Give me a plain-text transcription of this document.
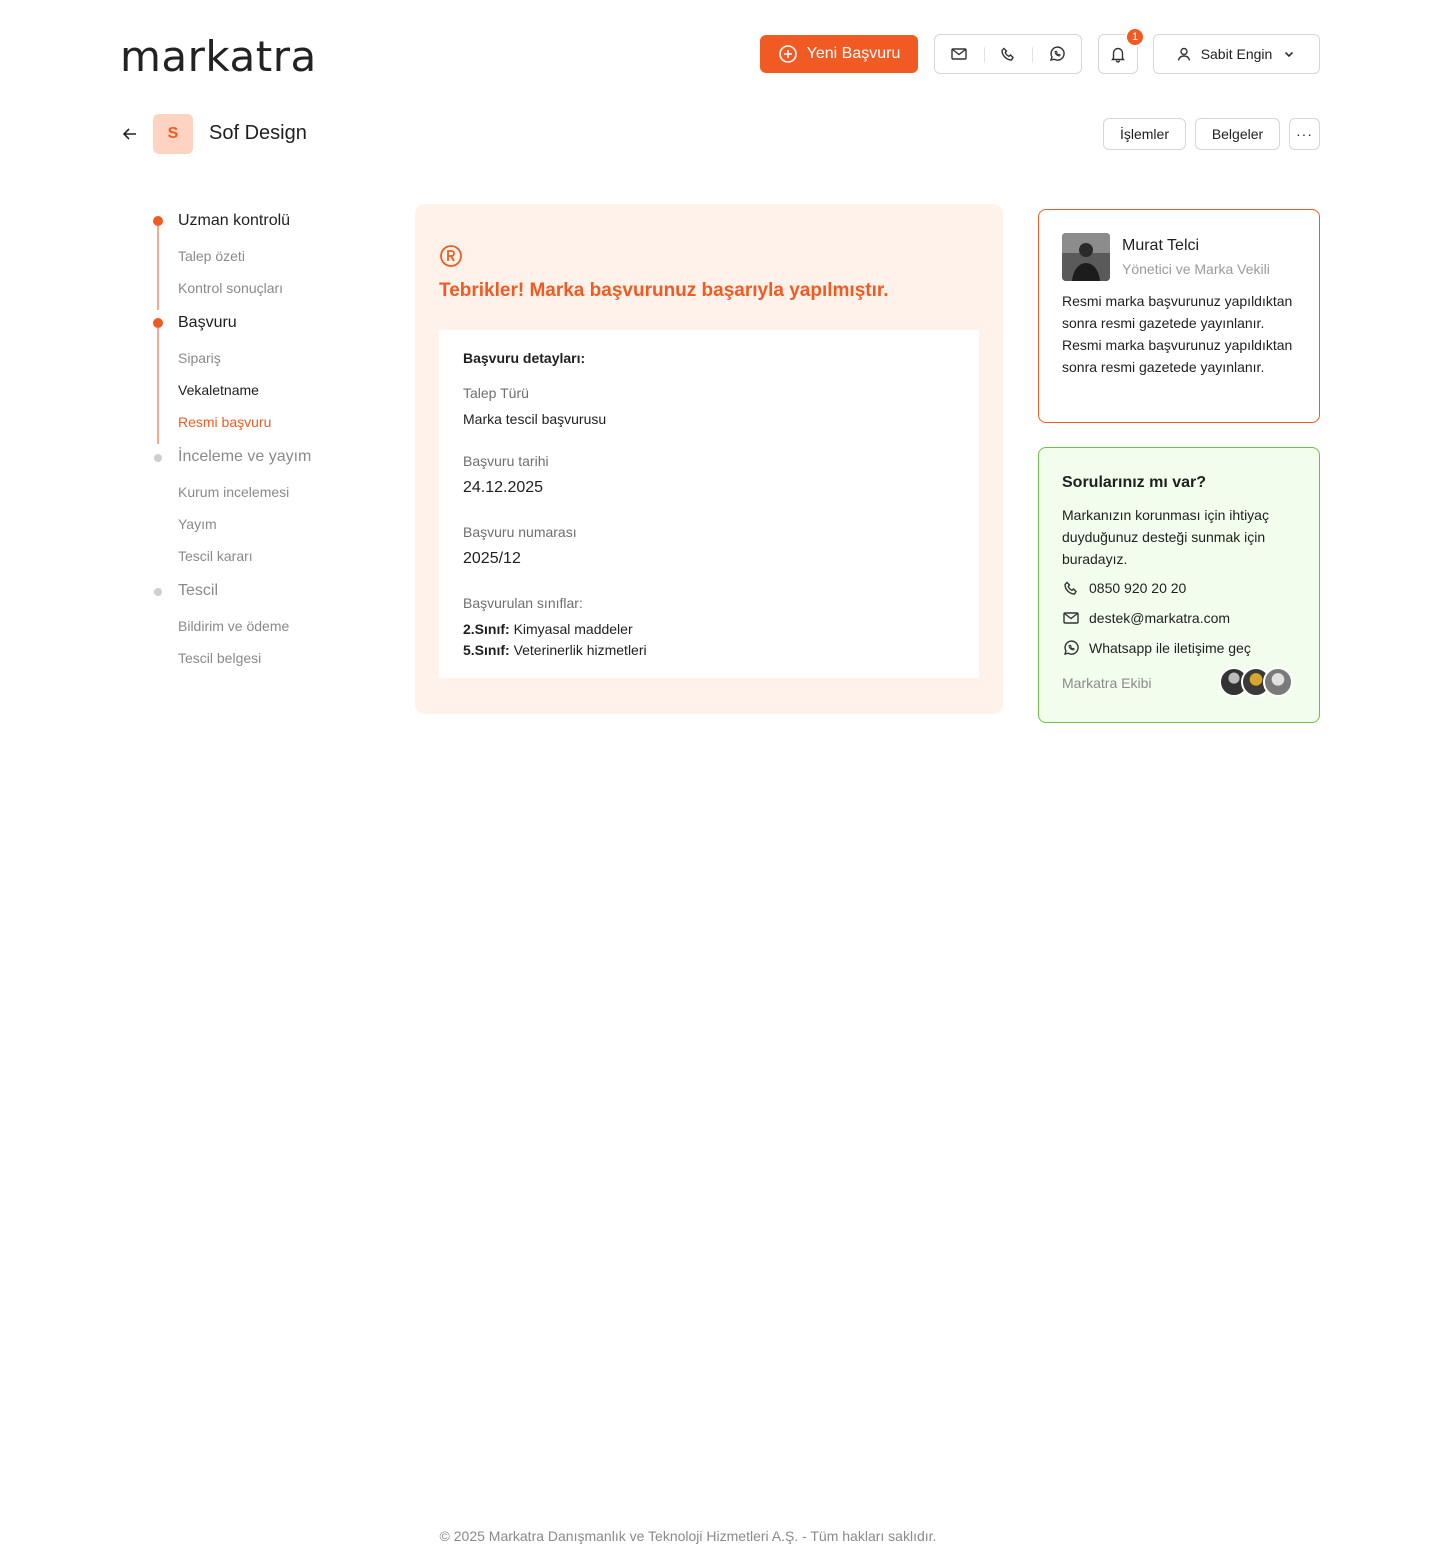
markatra	Yeni Başvuru
1
Sabit Engin
S	Sof Design	İşlemler	Belgeler	···
Uzman kontrolü
Talep özeti
Kontrol sonuçları
Başvuru
Sipariş
Vekaletname
Resmi başvuru
İnceleme ve yayım
Kurum incelemesi
Yayım
Tescil kararı
Tescil
Bildirim ve ödeme
Tescil belgesi
Tebrikler! Marka başvurunuz başarıyla yapılmıştır.
Başvuru detayları:
Talep Türü
Marka tescil başvurusu
Başvuru tarihi
24.12.2025
Başvuru numarası
2025/12
Başvurulan sınıflar:
2.Sınıf: Kimyasal maddeler
5.Sınıf: Veterinerlik hizmetleri
Murat Telci
Yönetici ve Marka Vekili
Resmi marka başvurunuz yapıldıktan sonra resmi gazetede yayınlanır. Resmi marka başvurunuz yapıldıktan sonra resmi gazetede yayınlanır.
Sorularınız mı var?
Markanızın korunması için ihtiyaç duyduğunuz desteği sunmak için buradayız.
0850 920 20 20
destek@markatra.com
Whatsapp ile iletişime geç
Markatra Ekibi
© 2025 Markatra Danışmanlık ve Teknoloji Hizmetleri A.Ş. - Tüm hakları saklıdır.
